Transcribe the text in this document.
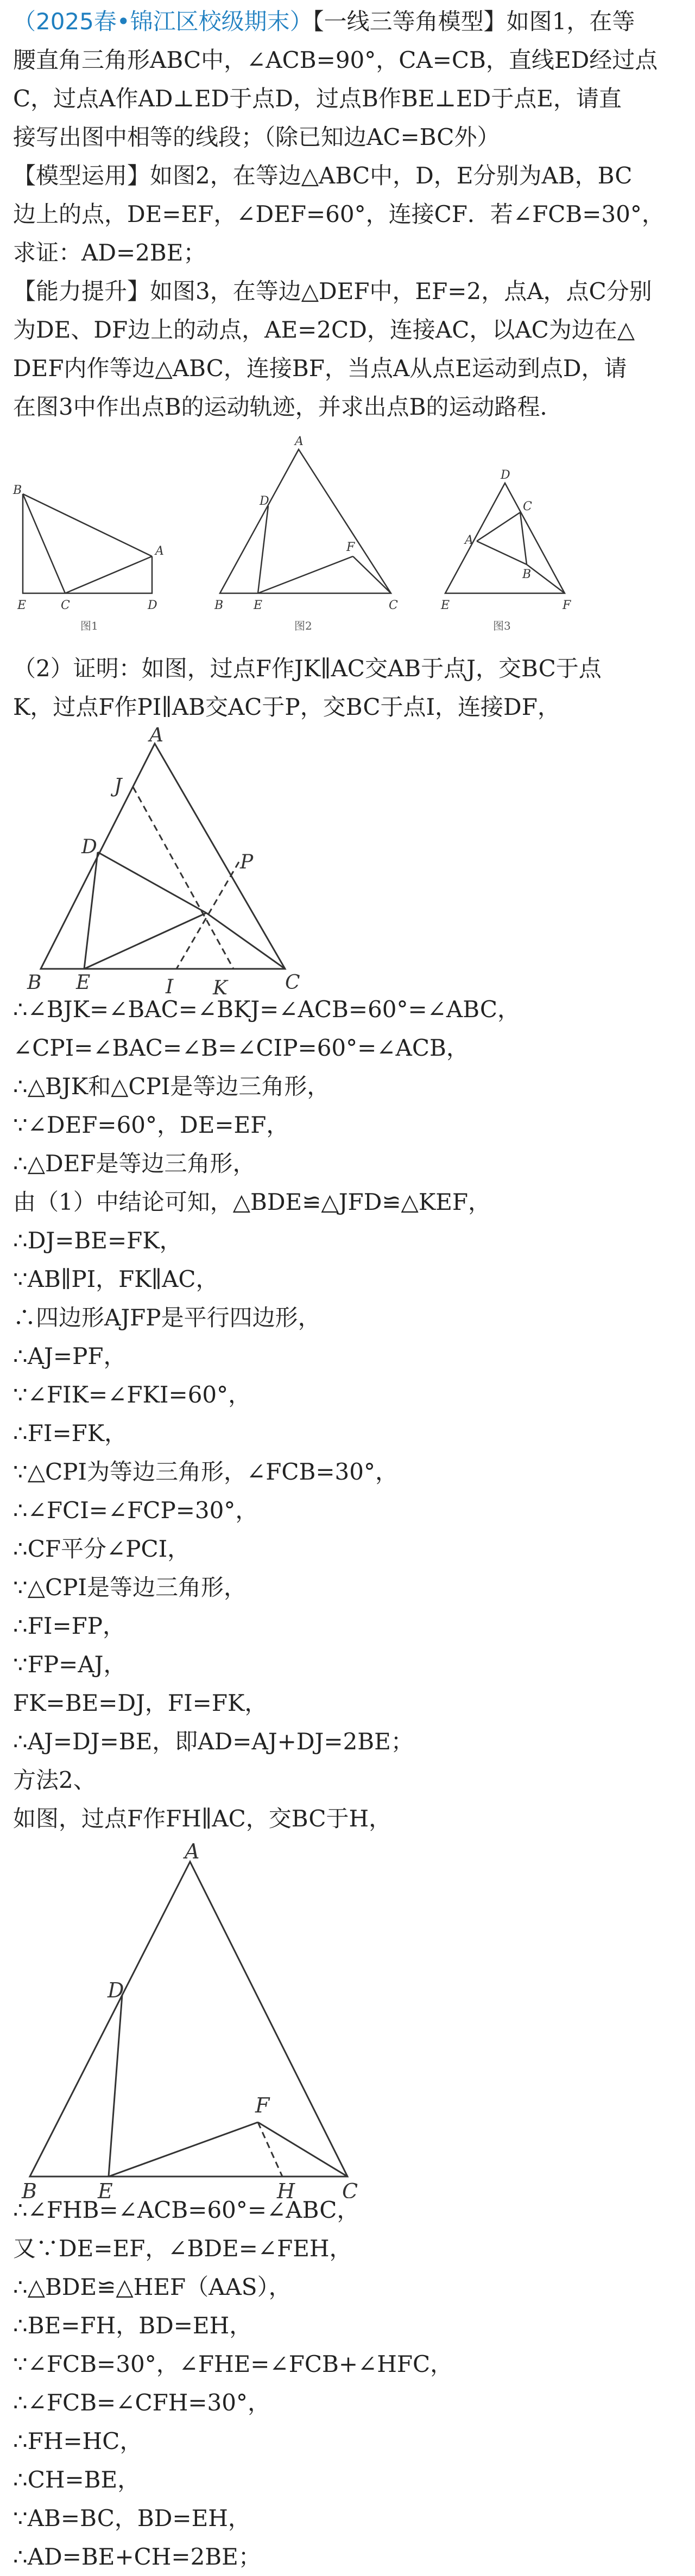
（2025春•锦江区校级期末）【一线三等角模型】如图1，在等

腰直角三角形ABC中，∠ACB=90°，CA=CB，直线ED经过点

C，过点A作AD⊥ED于点D，过点B作BE⊥ED于点E，请直

接写出图中相等的线段；（除已知边AC=BC外）

【模型运用】如图2，在等边△ABC中，D，E分别为AB，BC

边上的点，DE=EF，∠DEF=60°，连接CF．若∠FCB=30°，

求证：AD=2BE；

【能力提升】如图3，在等边△DEF中，EF=2，点A，点C分别

为DE、DF边上的动点，AE=2CD，连接AC，以AC为边在△

DEF内作等边△ABC，连接BF，当点A从点E运动到点D，请

在图3中作出点B的运动轨迹，并求出点B的运动路程．

B
A
E	C	D
A
D
F
B	E	C
D
C
A
B
E	F
图1	图2	图3

（2）证明：如图，过点F作JK∥AC交AB于点J，交BC于点

K，过点F作PI∥AB交AC于P，交BC于点I，连接DF，

A
J
D
P
B E	I K	C

∴∠BJK=∠BAC=∠BKJ=∠ACB=60°=∠ABC，

∠CPI=∠BAC=∠B=∠CIP=60°=∠ACB，

∴△BJK和△CPI是等边三角形，

∵∠DEF=60°，DE=EF，

∴△DEF是等边三角形，

由（1）中结论可知，△BDE≌△JFD≌△KEF，

∴DJ=BE=FK，

∵AB∥PI，FK∥AC，

∴四边形AJFP是平行四边形，

∴AJ=PF，

∵∠FIK=∠FKI=60°，

∴FI=FK，

∵△CPI为等边三角形，∠FCB=30°，

∴∠FCI=∠FCP=30°，

∴CF平分∠PCI，

∵△CPI是等边三角形，

∴FI=FP，

∵FP=AJ，

FK=BE=DJ，FI=FK，

∴AJ=DJ=BE，即AD=AJ+DJ=2BE；

方法2、

如图，过点F作FH∥AC，交BC于H，

A
D
F
B	E	H C

∴∠FHB=∠ACB=60°=∠ABC，

又∵DE=EF，∠BDE=∠FEH，

∴△BDE≌△HEF（AAS），

∴BE=FH，BD=EH，

∵∠FCB=30°，∠FHE=∠FCB+∠HFC，

∴∠FCB=∠CFH=30°，

∴FH=HC，

∴CH=BE，

∵AB=BC，BD=EH，

∴AD=BE+CH=2BE；
